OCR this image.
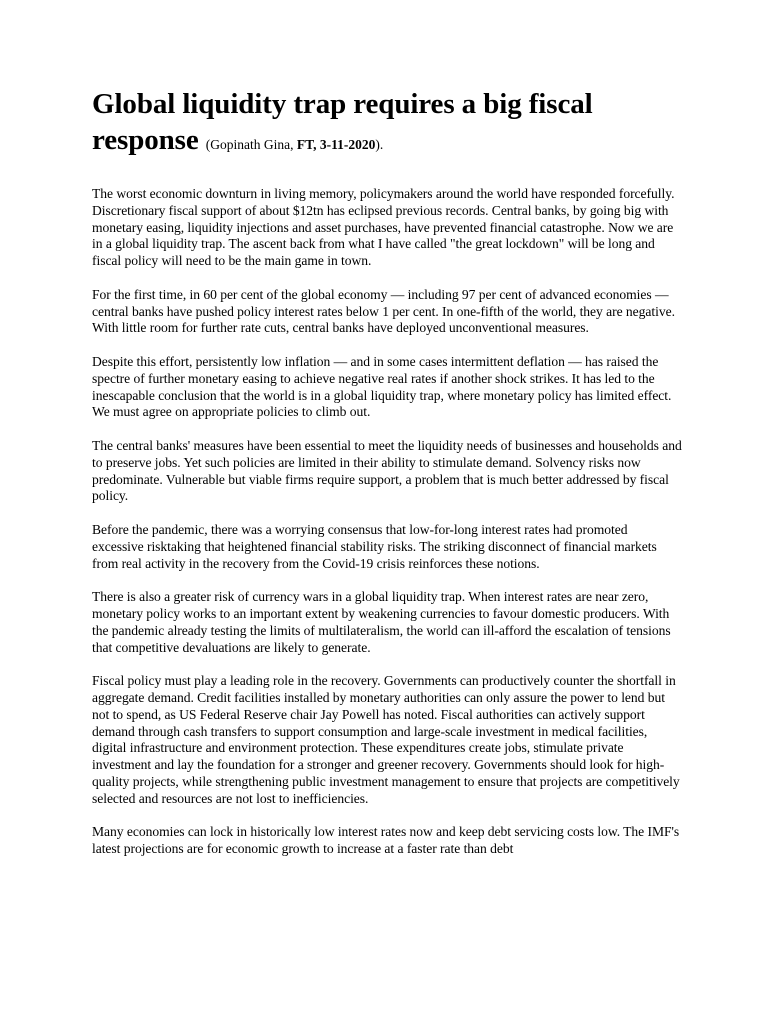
Global liquidity trap requires a big fiscal response (Gopinath Gina, FT, 3-11-2020).

The worst economic downturn in living memory, policymakers around the world have responded forcefully. Discretionary fiscal support of about $12tn has eclipsed previous records. Central banks, by going big with monetary easing, liquidity injections and asset purchases, have prevented financial catastrophe. Now we are in a global liquidity trap. The ascent back from what I have called "the great lockdown" will be long and fiscal policy will need to be the main game in town.

For the first time, in 60 per cent of the global economy — including 97 per cent of advanced economies — central banks have pushed policy interest rates below 1 per cent. In one-fifth of the world, they are negative. With little room for further rate cuts, central banks have deployed unconventional measures.

Despite this effort, persistently low inflation — and in some cases intermittent deflation — has raised the spectre of further monetary easing to achieve negative real rates if another shock strikes. It has led to the inescapable conclusion that the world is in a global liquidity trap, where monetary policy has limited effect. We must agree on appropriate policies to climb out.

The central banks' measures have been essential to meet the liquidity needs of businesses and households and to preserve jobs. Yet such policies are limited in their ability to stimulate demand. Solvency risks now predominate. Vulnerable but viable firms require support, a problem that is much better addressed by fiscal policy.

Before the pandemic, there was a worrying consensus that low-for-long interest rates had promoted excessive risktaking that heightened financial stability risks. The striking disconnect of financial markets from real activity in the recovery from the Covid-19 crisis reinforces these notions.

There is also a greater risk of currency wars in a global liquidity trap. When interest rates are near zero, monetary policy works to an important extent by weakening currencies to favour domestic producers. With the pandemic already testing the limits of multilateralism, the world can ill-afford the escalation of tensions that competitive devaluations are likely to generate.

Fiscal policy must play a leading role in the recovery. Governments can productively counter the shortfall in aggregate demand. Credit facilities installed by monetary authorities can only assure the power to lend but not to spend, as US Federal Reserve chair Jay Powell has noted. Fiscal authorities can actively support demand through cash transfers to support consumption and large-scale investment in medical facilities, digital infrastructure and environment protection. These expenditures create jobs, stimulate private investment and lay the foundation for a stronger and greener recovery. Governments should look for high-quality projects, while strengthening public investment management to ensure that projects are competitively selected and resources are not lost to inefficiencies.

Many economies can lock in historically low interest rates now and keep debt servicing costs low. The IMF's latest projections are for economic growth to increase at a faster rate than debt
